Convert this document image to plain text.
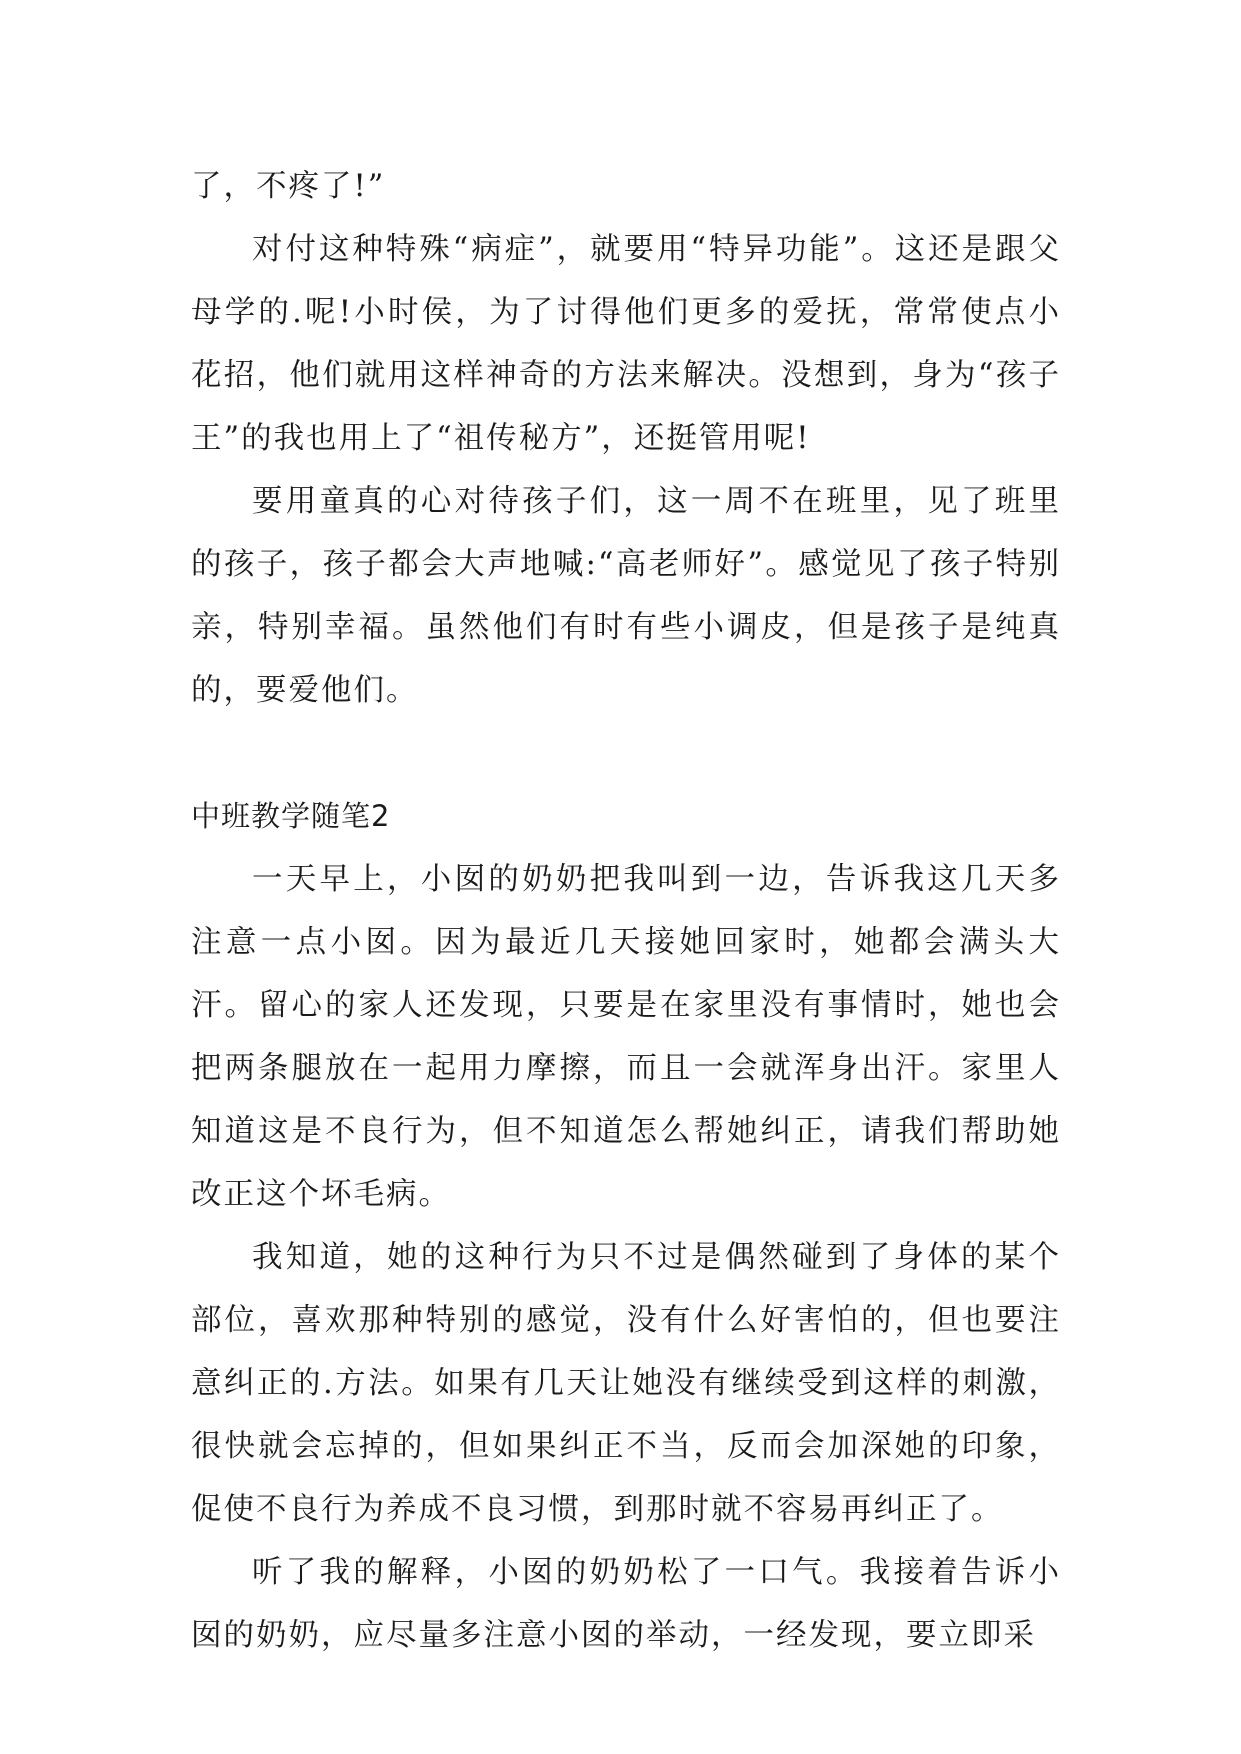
了，不疼了!”

对付这种特殊“病症”，就要用“特异功能”。这还是跟父母学的.呢!小时侯，为了讨得他们更多的爱抚，常常使点小花招，他们就用这样神奇的方法来解决。没想到，身为“孩子王”的我也用上了“祖传秘方”，还挺管用呢!

要用童真的心对待孩子们，这一周不在班里，见了班里的孩子，孩子都会大声地喊:“高老师好”。感觉见了孩子特别亲，特别幸福。虽然他们有时有些小调皮，但是孩子是纯真的，要爱他们。

中班教学随笔2

一天早上，小囡的奶奶把我叫到一边，告诉我这几天多注意一点小囡。因为最近几天接她回家时，她都会满头大汗。留心的家人还发现，只要是在家里没有事情时，她也会把两条腿放在一起用力摩擦，而且一会就浑身出汗。家里人知道这是不良行为，但不知道怎么帮她纠正，请我们帮助她改正这个坏毛病。

我知道，她的这种行为只不过是偶然碰到了身体的某个部位，喜欢那种特别的感觉，没有什么好害怕的，但也要注意纠正的.方法。如果有几天让她没有继续受到这样的刺激，很快就会忘掉的，但如果纠正不当，反而会加深她的印象，促使不良行为养成不良习惯，到那时就不容易再纠正了。

听了我的解释，小囡的奶奶松了一口气。我接着告诉小囡的奶奶，应尽量多注意小囡的举动，一经发现，要立即采
